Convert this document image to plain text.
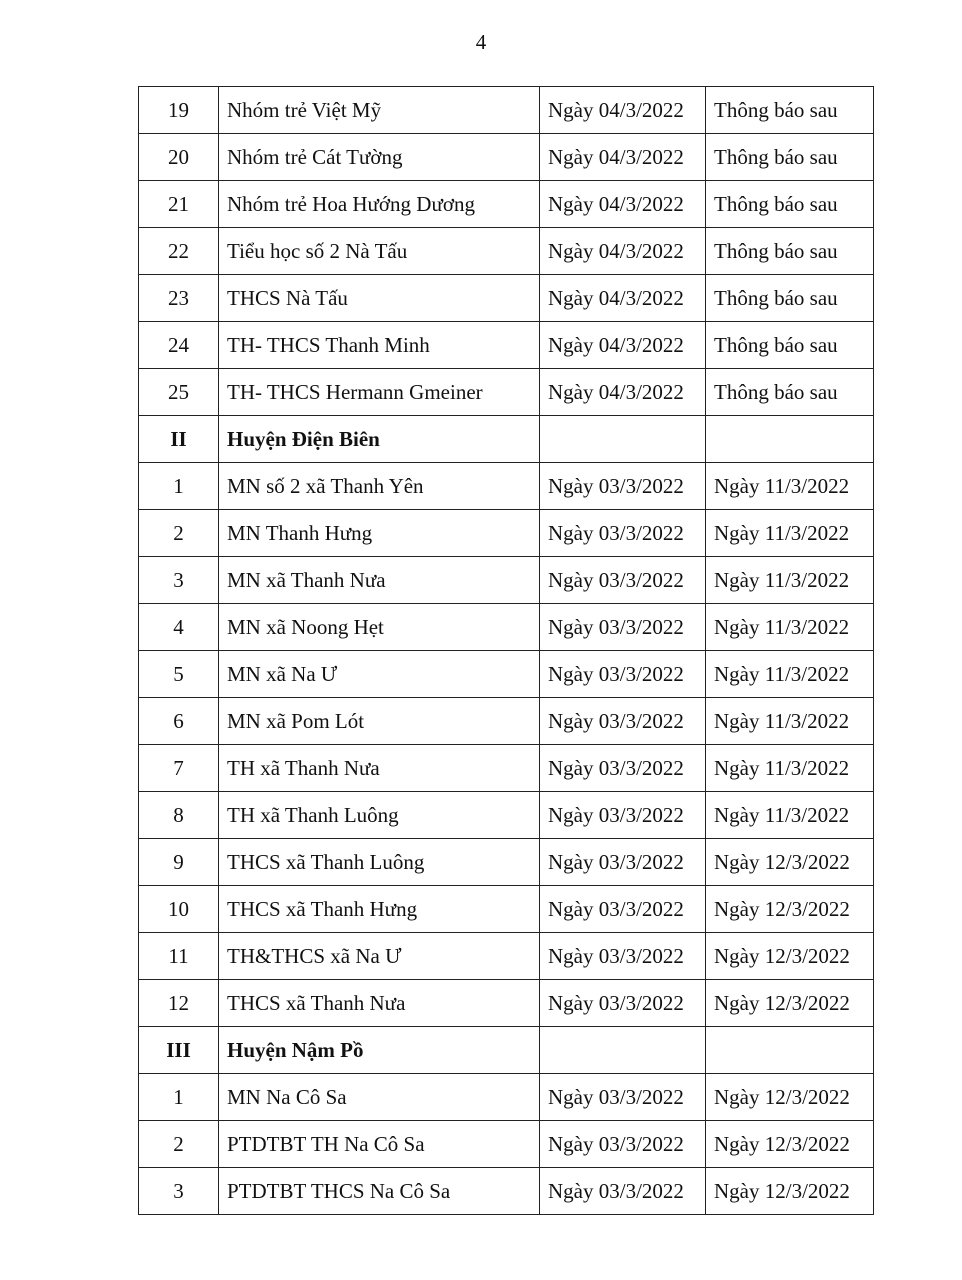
4
19	Nhóm trẻ Việt Mỹ	Ngày 04/3/2022	Thông báo sau
20	Nhóm trẻ Cát Tường	Ngày 04/3/2022	Thông báo sau
21	Nhóm trẻ Hoa Hướng Dương	Ngày 04/3/2022	Thông báo sau
22	Tiểu học số 2 Nà Tấu	Ngày 04/3/2022	Thông báo sau
23	THCS Nà Tấu	Ngày 04/3/2022	Thông báo sau
24	TH- THCS Thanh Minh	Ngày 04/3/2022	Thông báo sau
25	TH- THCS Hermann Gmeiner	Ngày 04/3/2022	Thông báo sau
II	Huyện Điện Biên		
1	MN số 2 xã Thanh Yên	Ngày 03/3/2022	Ngày 11/3/2022
2	MN Thanh Hưng	Ngày 03/3/2022	Ngày 11/3/2022
3	MN xã Thanh Nưa	Ngày 03/3/2022	Ngày 11/3/2022
4	MN xã Noong Hẹt	Ngày 03/3/2022	Ngày 11/3/2022
5	MN xã Na Ư	Ngày 03/3/2022	Ngày 11/3/2022
6	MN xã Pom Lót	Ngày 03/3/2022	Ngày 11/3/2022
7	TH xã Thanh Nưa	Ngày 03/3/2022	Ngày 11/3/2022
8	TH xã Thanh Luông	Ngày 03/3/2022	Ngày 11/3/2022
9	THCS xã Thanh Luông	Ngày 03/3/2022	Ngày 12/3/2022
10	THCS xã Thanh Hưng	Ngày 03/3/2022	Ngày 12/3/2022
11	TH&THCS xã Na Ư	Ngày 03/3/2022	Ngày 12/3/2022
12	THCS xã Thanh Nưa	Ngày 03/3/2022	Ngày 12/3/2022
III	Huyện Nậm Pồ		
1	MN Na Cô Sa	Ngày 03/3/2022	Ngày 12/3/2022
2	PTDTBT TH Na Cô Sa	Ngày 03/3/2022	Ngày 12/3/2022
3	PTDTBT THCS Na Cô Sa	Ngày 03/3/2022	Ngày 12/3/2022
